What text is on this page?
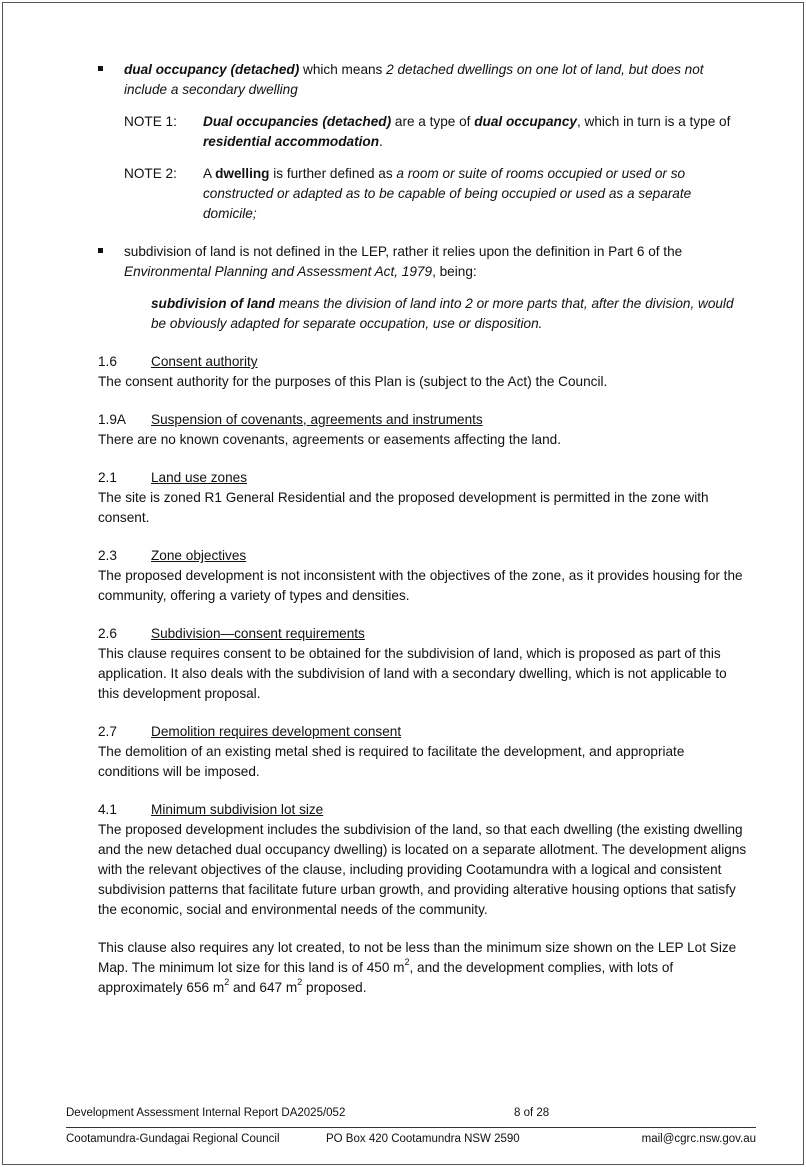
dual occupancy (detached) which means 2 detached dwellings on one lot of land, but does not include a secondary dwelling
NOTE 1: Dual occupancies (detached) are a type of dual occupancy, which in turn is a type of residential accommodation.
NOTE 2: A dwelling is further defined as a room or suite of rooms occupied or used or so constructed or adapted as to be capable of being occupied or used as a separate domicile;
subdivision of land is not defined in the LEP, rather it relies upon the definition in Part 6 of the Environmental Planning and Assessment Act, 1979, being:
subdivision of land means the division of land into 2 or more parts that, after the division, would be obviously adapted for separate occupation, use or disposition.
1.6	Consent authority
The consent authority for the purposes of this Plan is (subject to the Act) the Council.
1.9A	Suspension of covenants, agreements and instruments
There are no known covenants, agreements or easements affecting the land.
2.1	Land use zones
The site is zoned R1 General Residential and the proposed development is permitted in the zone with consent.
2.3	Zone objectives
The proposed development is not inconsistent with the objectives of the zone, as it provides housing for the community, offering a variety of types and densities.
2.6	Subdivision—consent requirements
This clause requires consent to be obtained for the subdivision of land, which is proposed as part of this application. It also deals with the subdivision of land with a secondary dwelling, which is not applicable to this development proposal.
2.7	Demolition requires development consent
The demolition of an existing metal shed is required to facilitate the development, and appropriate conditions will be imposed.
4.1	Minimum subdivision lot size
The proposed development includes the subdivision of the land, so that each dwelling (the existing dwelling and the new detached dual occupancy dwelling) is located on a separate allotment. The development aligns with the relevant objectives of the clause, including providing Cootamundra with a logical and consistent subdivision patterns that facilitate future urban growth, and providing alterative housing options that satisfy the economic, social and environmental needs of the community.
This clause also requires any lot created, to not be less than the minimum size shown on the LEP Lot Size Map. The minimum lot size for this land is of 450 $m^2$, and the development complies, with lots of approximately 656 $m^2$ and 647 $m^2$ proposed.
Development Assessment Internal Report DA2025/052	8 of 28
Cootamundra-Gundagai Regional Council	PO Box 420 Cootamundra NSW 2590	mail@cgrc.nsw.gov.au
